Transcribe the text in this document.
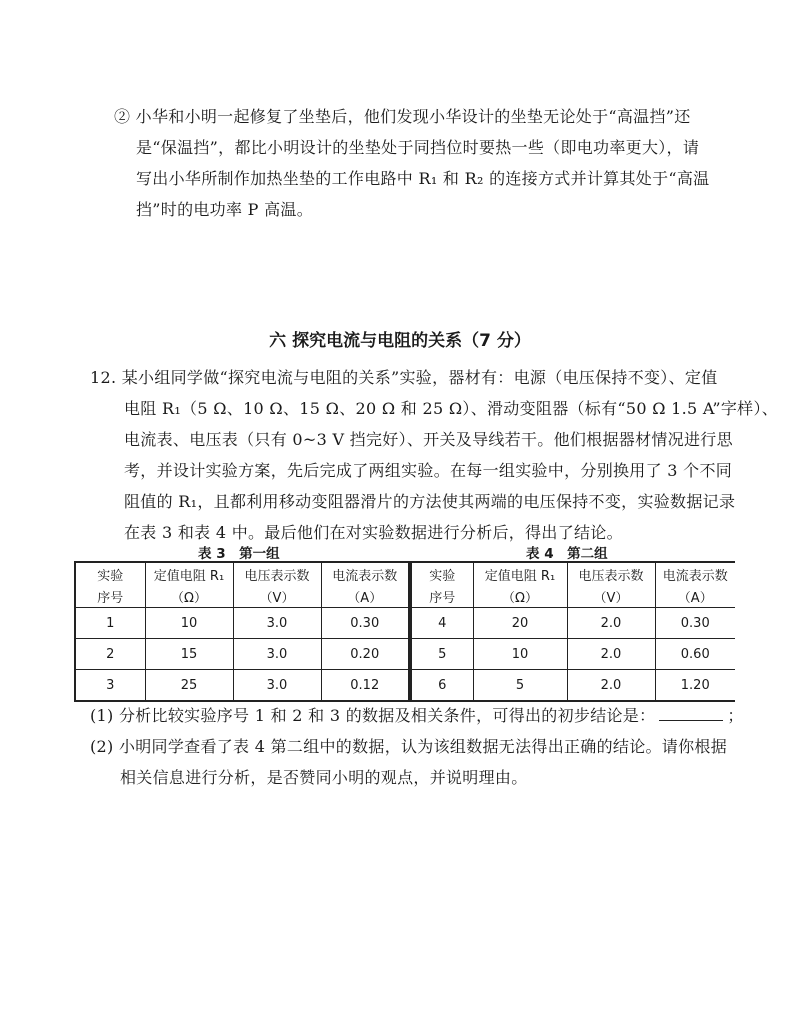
② 小华和小明一起修复了坐垫后，他们发现小华设计的坐垫无论处于“高温挡”还

是“保温挡”，都比小明设计的坐垫处于同挡位时要热一些（即电功率更大），请

写出小华所制作加热坐垫的工作电路中 R₁ 和 R₂ 的连接方式并计算其处于“高温

挡”时的电功率 P 高温。

六 探究电流与电阻的关系（7 分）

12. 某小组同学做“探究电流与电阻的关系”实验，器材有：电源（电压保持不变）、定值

电阻 R₁（5 Ω、10 Ω、15 Ω、20 Ω 和 25 Ω）、滑动变阻器（标有“50 Ω 1.5 A”字样）、

电流表、电压表（只有 0~3 V 挡完好）、开关及导线若干。他们根据器材情况进行思

考，并设计实验方案，先后完成了两组实验。在每一组实验中，分别换用了 3 个不同

阻值的 R₁，且都利用移动变阻器滑片的方法使其两端的电压保持不变，实验数据记录

在表 3 和表 4 中。最后他们在对实验数据进行分析后，得出了结论。

表 3　第一组	表 4　第二组
实验	定值电阻 R₁	电压表示数	电流表示数
序号	（Ω）	（V）	（A）
1	10	3.0	0.30
2	15	3.0	0.20
3	25	3.0	0.12
实验	定值电阻 R₁	电压表示数	电流表示数
序号	（Ω）	（V）	（A）
4	20	2.0	0.30
5	10	2.0	0.60
6	5	2.0	1.20

(1) 分析比较实验序号 1 和 2 和 3 的数据及相关条件，可得出的初步结论是：	；

(2) 小明同学查看了表 4 第二组中的数据，认为该组数据无法得出正确的结论。请你根据

相关信息进行分析，是否赞同小明的观点，并说明理由。
